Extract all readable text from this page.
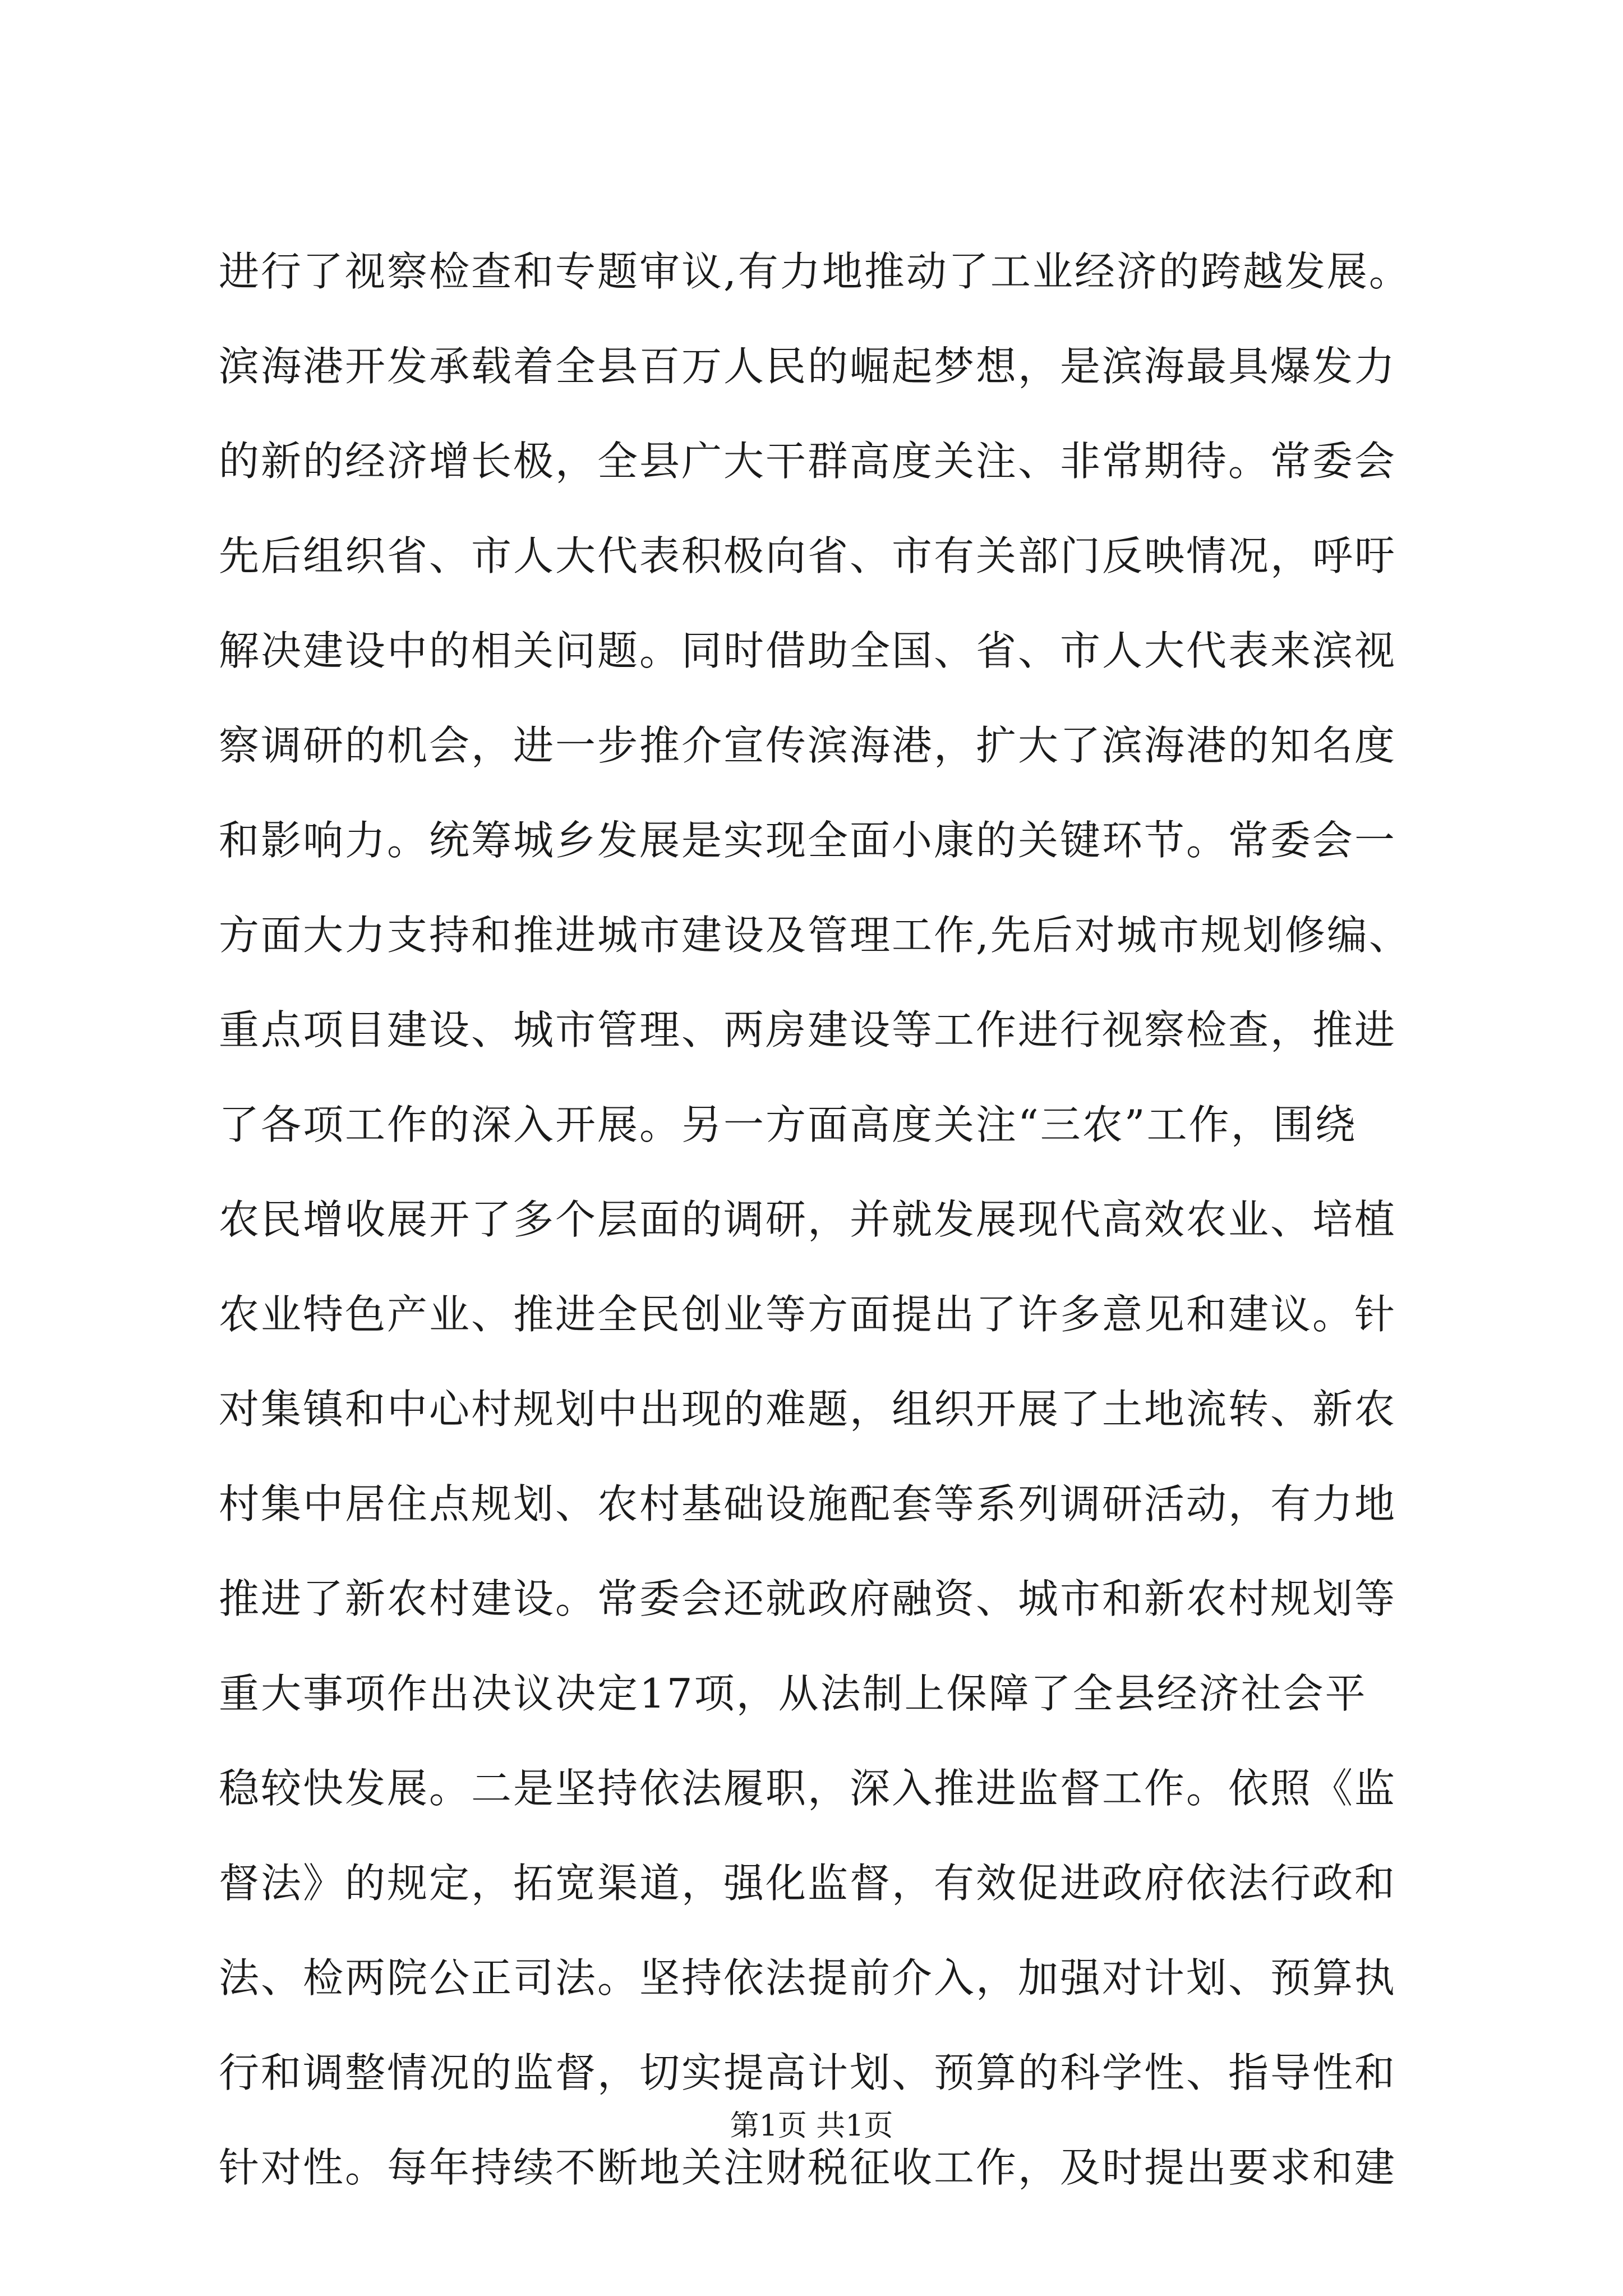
进行了视察检查和专题审议,有力地推动了工业经济的跨越发展。
滨海港开发承载着全县百万人民的崛起梦想，是滨海最具爆发力
的新的经济增长极，全县广大干群高度关注、非常期待。常委会
先后组织省、市人大代表积极向省、市有关部门反映情况，呼吁
解决建设中的相关问题。同时借助全国、省、市人大代表来滨视
察调研的机会，进一步推介宣传滨海港，扩大了滨海港的知名度
和影响力。统筹城乡发展是实现全面小康的关键环节。常委会一
方面大力支持和推进城市建设及管理工作,先后对城市规划修编、
重点项目建设、城市管理、两房建设等工作进行视察检查，推进
了各项工作的深入开展。另一方面高度关注“三农”工作，围绕
农民增收展开了多个层面的调研，并就发展现代高效农业、培植
农业特色产业、推进全民创业等方面提出了许多意见和建议。针
对集镇和中心村规划中出现的难题，组织开展了土地流转、新农
村集中居住点规划、农村基础设施配套等系列调研活动，有力地
推进了新农村建设。常委会还就政府融资、城市和新农村规划等
重大事项作出决议决定17项，从法制上保障了全县经济社会平
稳较快发展。二是坚持依法履职，深入推进监督工作。依照《监
督法》的规定，拓宽渠道，强化监督，有效促进政府依法行政和
法、检两院公正司法。坚持依法提前介入，加强对计划、预算执
行和调整情况的监督，切实提高计划、预算的科学性、指导性和
针对性。每年持续不断地关注财税征收工作，及时提出要求和建
第1页 共1页
